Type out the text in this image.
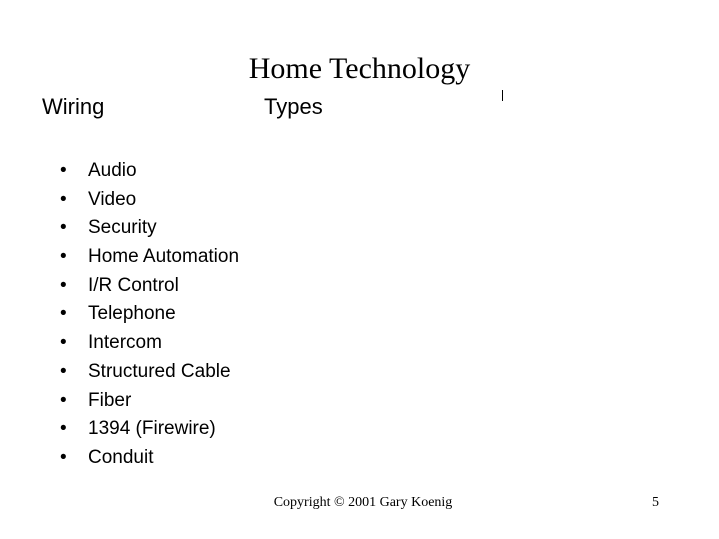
Home Technology
Wiring	Types
• Audio
• Video
• Security
• Home Automation
• I/R Control
• Telephone
• Intercom
• Structured Cable
• Fiber
• 1394 (Firewire)
• Conduit
Copyright © 2001 Gary Koenig	5
